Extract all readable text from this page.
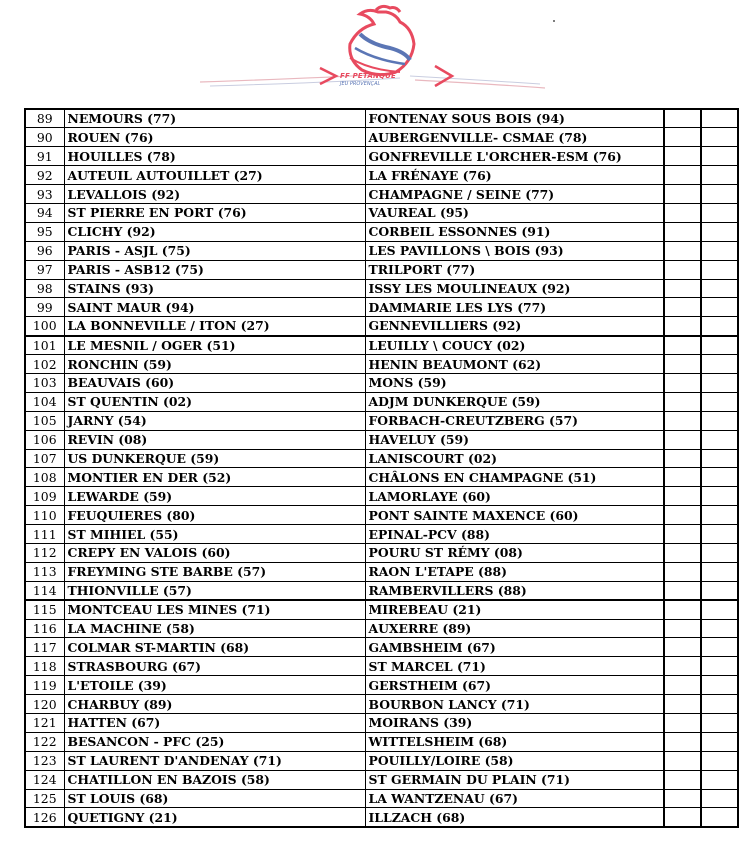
FF PETANQUE
JEU PROVENÇAL
89	NEMOURS (77)	FONTENAY SOUS BOIS (94)		
90	ROUEN (76)	AUBERGENVILLE- CSMAE (78)		
91	HOUILLES (78)	GONFREVILLE L'ORCHER-ESM (76)		
92	AUTEUIL AUTOUILLET (27)	LA FRÉNAYE (76)		
93	LEVALLOIS (92)	CHAMPAGNE / SEINE (77)		
94	ST PIERRE EN PORT (76)	VAUREAL (95)		
95	CLICHY (92)	CORBEIL ESSONNES (91)		
96	PARIS - ASJL (75)	LES PAVILLONS \ BOIS (93)		
97	PARIS - ASB12 (75)	TRILPORT (77)		
98	STAINS (93)	ISSY LES MOULINEAUX (92)		
99	SAINT MAUR (94)	DAMMARIE LES LYS (77)		
100	LA BONNEVILLE / ITON (27)	GENNEVILLIERS (92)		
101	LE MESNIL / OGER (51)	LEUILLY \ COUCY (02)		
102	RONCHIN (59)	HENIN BEAUMONT (62)		
103	BEAUVAIS (60)	MONS (59)		
104	ST QUENTIN (02)	ADJM DUNKERQUE (59)		
105	JARNY (54)	FORBACH-CREUTZBERG (57)		
106	REVIN (08)	HAVELUY (59)		
107	US DUNKERQUE (59)	LANISCOURT (02)		
108	MONTIER EN DER (52)	CHÂLONS EN CHAMPAGNE (51)		
109	LEWARDE (59)	LAMORLAYE (60)		
110	FEUQUIERES (80)	PONT SAINTE MAXENCE (60)		
111	ST MIHIEL (55)	EPINAL-PCV (88)		
112	CREPY EN VALOIS (60)	POURU ST RÉMY (08)		
113	FREYMING STE BARBE (57)	RAON L'ETAPE (88)		
114	THIONVILLE (57)	RAMBERVILLERS (88)		
115	MONTCEAU LES MINES (71)	MIREBEAU (21)		
116	LA MACHINE (58)	AUXERRE (89)		
117	COLMAR ST-MARTIN (68)	GAMBSHEIM (67)		
118	STRASBOURG (67)	ST MARCEL (71)		
119	L'ETOILE (39)	GERSTHEIM (67)		
120	CHARBUY (89)	BOURBON LANCY (71)		
121	HATTEN (67)	MOIRANS (39)		
122	BESANCON - PFC (25)	WITTELSHEIM (68)		
123	ST LAURENT D'ANDENAY (71)	POUILLY/LOIRE (58)		
124	CHATILLON EN BAZOIS (58)	ST GERMAIN DU PLAIN (71)		
125	ST LOUIS (68)	LA WANTZENAU (67)		
126	QUETIGNY (21)	ILLZACH (68)		
